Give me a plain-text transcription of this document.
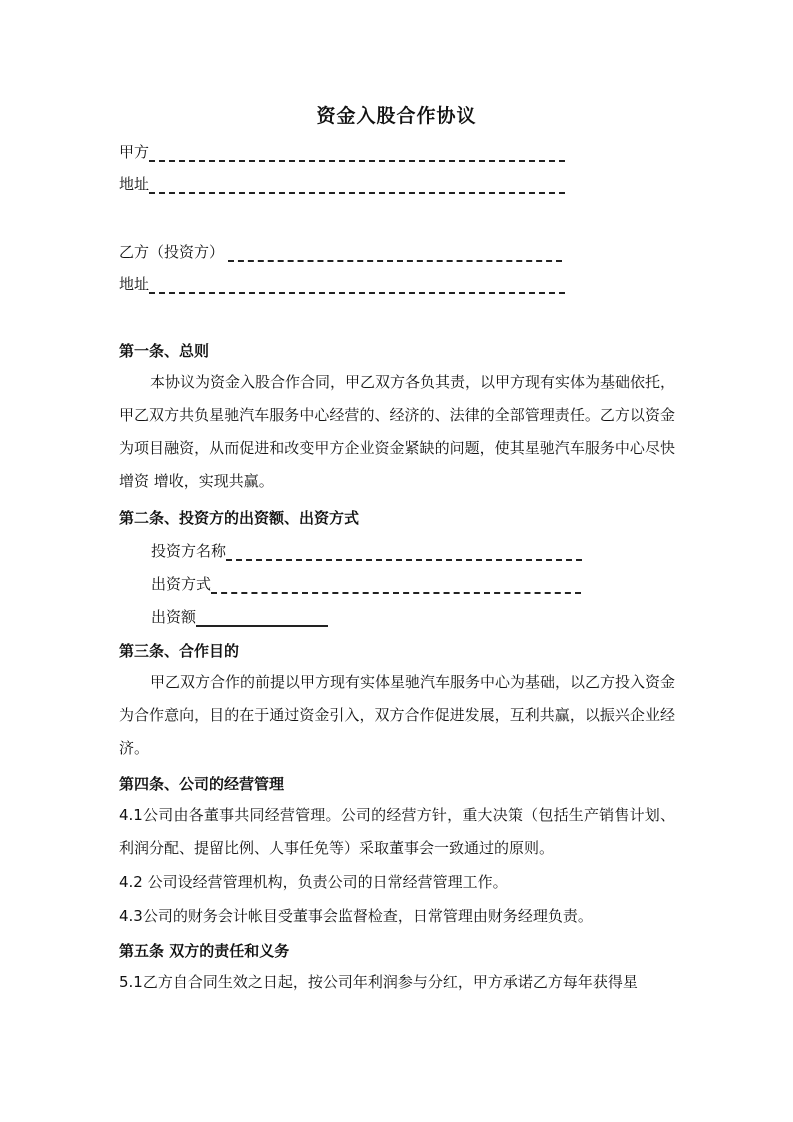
资金入股合作协议
甲方
地址
乙方（投资方）
地址
第一条、总则
本协议为资金入股合作合同，甲乙双方各负其责，以甲方现有实体为基础依托，甲乙双方共负星驰汽车服务中心经营的、经济的、法律的全部管理责任。乙方以资金为项目融资，从而促进和改变甲方企业资金紧缺的问题，使其星驰汽车服务中心尽快增资 增收，实现共赢。
第二条、投资方的出资额、出资方式
投资方名称
出资方式
出资额
第三条、合作目的
甲乙双方合作的前提以甲方现有实体星驰汽车服务中心为基础，以乙方投入资金为合作意向，目的在于通过资金引入，双方合作促进发展，互利共赢，以振兴企业经济。
第四条、公司的经营管理
4.1公司由各董事共同经营管理。公司的经营方针，重大决策（包括生产销售计划、利润分配、提留比例、人事任免等）采取董事会一致通过的原则。
4.2 公司设经营管理机构，负责公司的日常经营管理工作。
4.3公司的财务会计帐目受董事会监督检查，日常管理由财务经理负责。
第五条 双方的责任和义务
5.1乙方自合同生效之日起，按公司年利润参与分红，甲方承诺乙方每年获得星
